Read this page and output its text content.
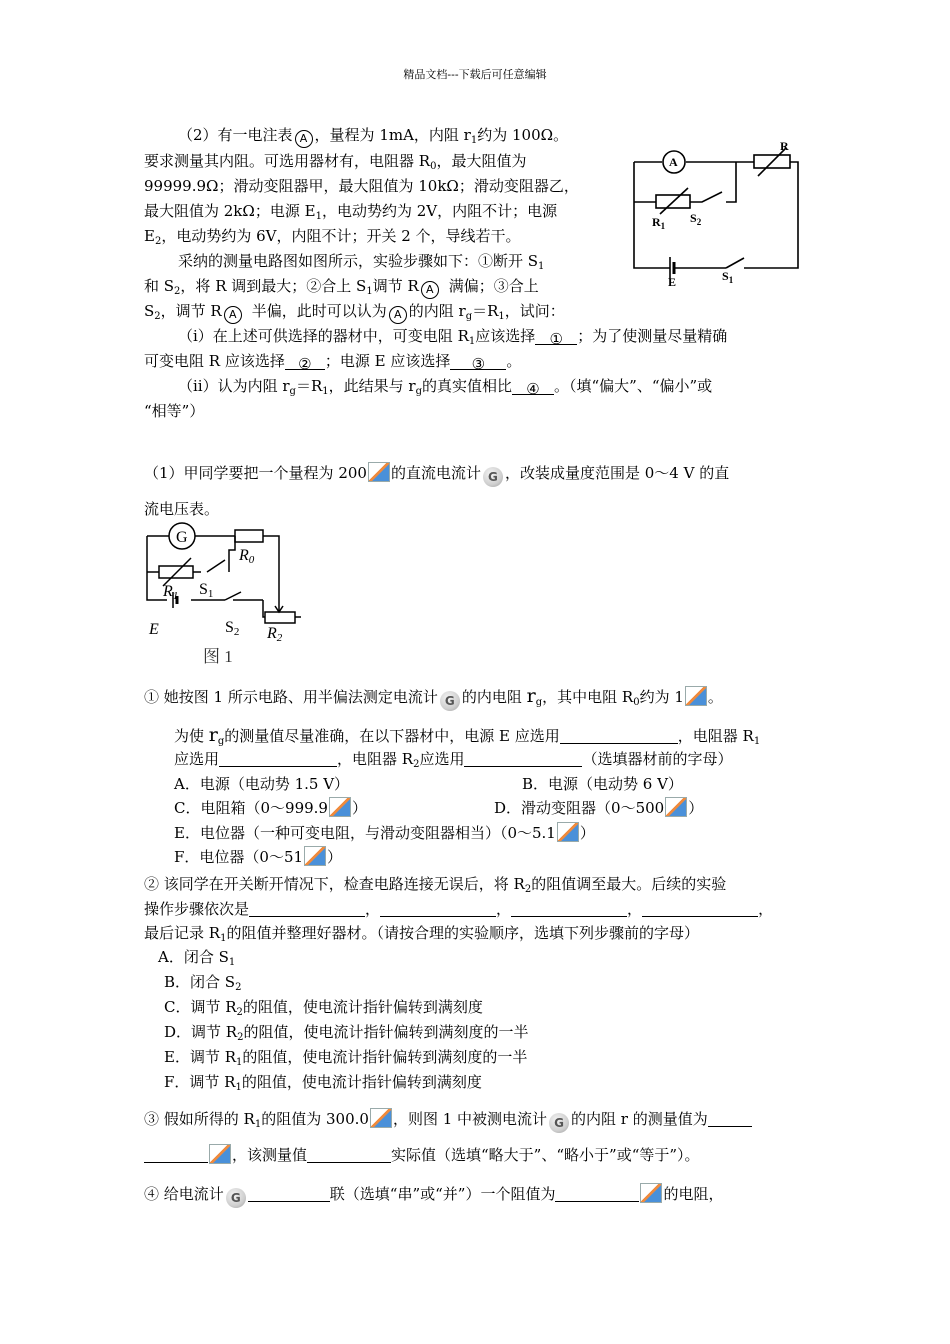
精品文档---下载后可任意编辑
（2）有一电注表 A ，量程为 1mA，内阻 $r_1$约为 100Ω。
要求测量其内阻。可选用器材有，电阻器 $R_0$，最大阻值为
99999.9Ω；滑动变阻器甲，最大阻值为 10kΩ；滑动变阻器乙，
最大阻值为 2kΩ；电源 $E_1$，电动势约为 2V，内阻不计；电源
$E_2$，电动势约为 6V，内阻不计；开关 2 个，导线若干。
采纳的测量电路图如图所示，实验步骤如下：①断开 $S_1$
和 $S_2$，将 R 调到最大；②合上 $S_1$调节 R A 满偏；③合上
$S_2$，调节 R A 半偏，此时可以认为 A 的内阻 $r_g=R_1$，试问：
（ⅰ）在上述可供选择的器材中，可变电阻 $R_1$应该选择 ① ；为了使测量尽量精确
可变电阻 R 应该选择 ② ；电源 E 应该选择 ③ 。
（ⅱ）认为内阻 $r_g=R_1$，此结果与 $r_g$的真实值相比 ④ 。（填“偏大”、“偏小”或
“相等”）
A
R
$R_1$
$S_2$
E	$S_1$
（1）甲同学要把一个量程为 200 的直流电流计 G ，改装成量度范围是 0～4 V 的直
流电压表。
G
R0
R1 S1
E	S2 R2
图 1
① 她按图 1 所示电路、用半偏法测定电流计 G 的内电阻 $r_g$，其中电阻 $R_0$约为 1 。
为使 $r_g$的测量值尽量准确，在以下器材中，电源 E 应选用	，电阻器 $R_1$
应选用	，电阻器 $R_2$应选用	（选填器材前的字母）
A．电源（电动势 1.5 V）	B．电源（电动势 6 V）
C．电阻箱（0～999.9 ）	D．滑动变阻器（0～500 ）
E．电位器（一种可变电阻，与滑动变阻器相当）（0～5.1 ）
F．电位器（0～51 ）
② 该同学在开关断开情况下，检查电路连接无误后，将 $R_2$的阻值调至最大。后续的实验
操作步骤依次是	，	，	，	，
最后记录 $R_1$的阻值并整理好器材。（请按合理的实验顺序，选填下列步骤前的字母）
A．闭合 $S_1$
B．闭合 $S_2$
C．调节 $R_2$的阻值，使电流计指针偏转到满刻度
D．调节 $R_2$的阻值，使电流计指针偏转到满刻度的一半
E．调节 $R_1$的阻值，使电流计指针偏转到满刻度的一半
F．调节 $R_1$的阻值，使电流计指针偏转到满刻度
③ 假如所得的 $R_1$的阻值为 300.0 ，则图 1 中被测电流计 G 的内阻 r 的测量值为
，该测量值	实际值（选填“略大于”、“略小于”或“等于”）。
④ 给电流计 G	联（选填“串”或“并”）一个阻值为	的电阻，
